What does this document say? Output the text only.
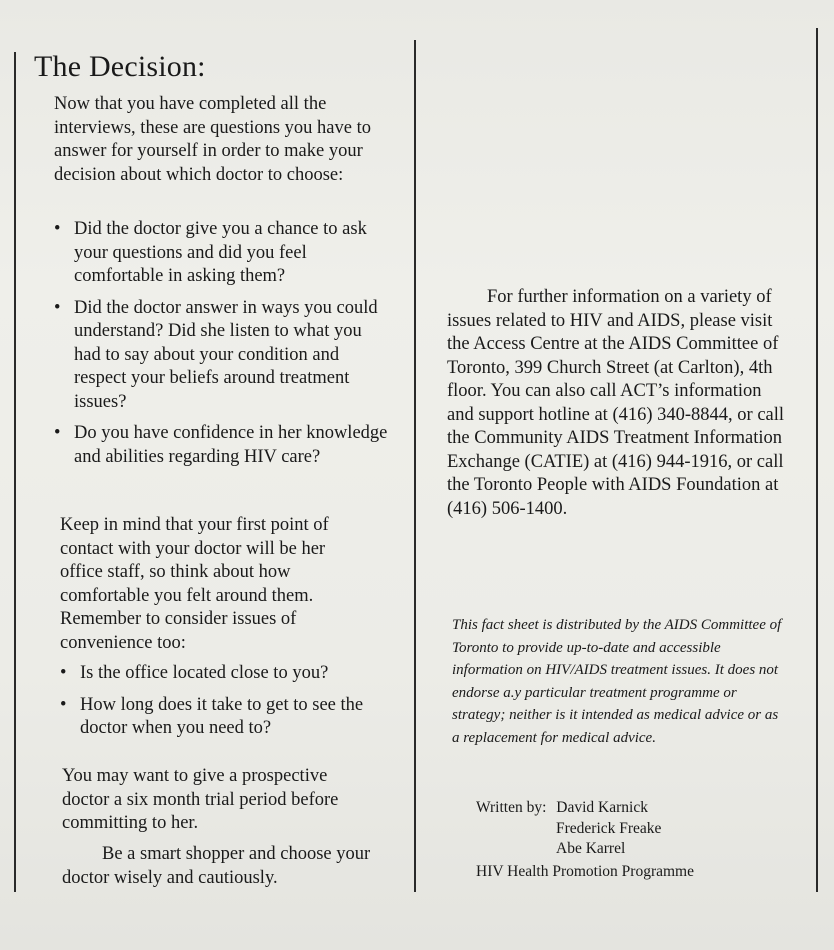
The Decision:

Now that you have completed all the interviews, these are questions you have to answer for yourself in order to make your decision about which doctor to choose:

• Did the doctor give you a chance to ask your questions and did you feel comfortable in asking them?
• Did the doctor answer in ways you could understand? Did she listen to what you had to say about your condition and respect your beliefs around treatment issues?
• Do you have confidence in her knowledge and abilities regarding HIV care?

Keep in mind that your first point of contact with your doctor will be her office staff, so think about how comfortable you felt around them. Remember to consider issues of convenience too:

• Is the office located close to you?
• How long does it take to get to see the doctor when you need to?

You may want to give a prospective doctor a six month trial period before committing to her.

Be a smart shopper and choose your doctor wisely and cautiously.

For further information on a variety of issues related to HIV and AIDS, please visit the Access Centre at the AIDS Committee of Toronto, 399 Church Street (at Carlton), 4th floor. You can also call ACT’s information and support hotline at (416) 340-8844, or call the Community AIDS Treatment Information Exchange (CATIE) at (416) 944-1916, or call the Toronto People with AIDS Foundation at (416) 506-1400.

This fact sheet is distributed by the AIDS Committee of Toronto to provide up-to-date and accessible information on HIV/AIDS treatment issues. It does not endorse a.y particular treatment programme or strategy; neither is it intended as medical advice or as a replacement for medical advice.

Written by: David Karnick
Frederick Freake
Abe Karrel
HIV Health Promotion Programme
